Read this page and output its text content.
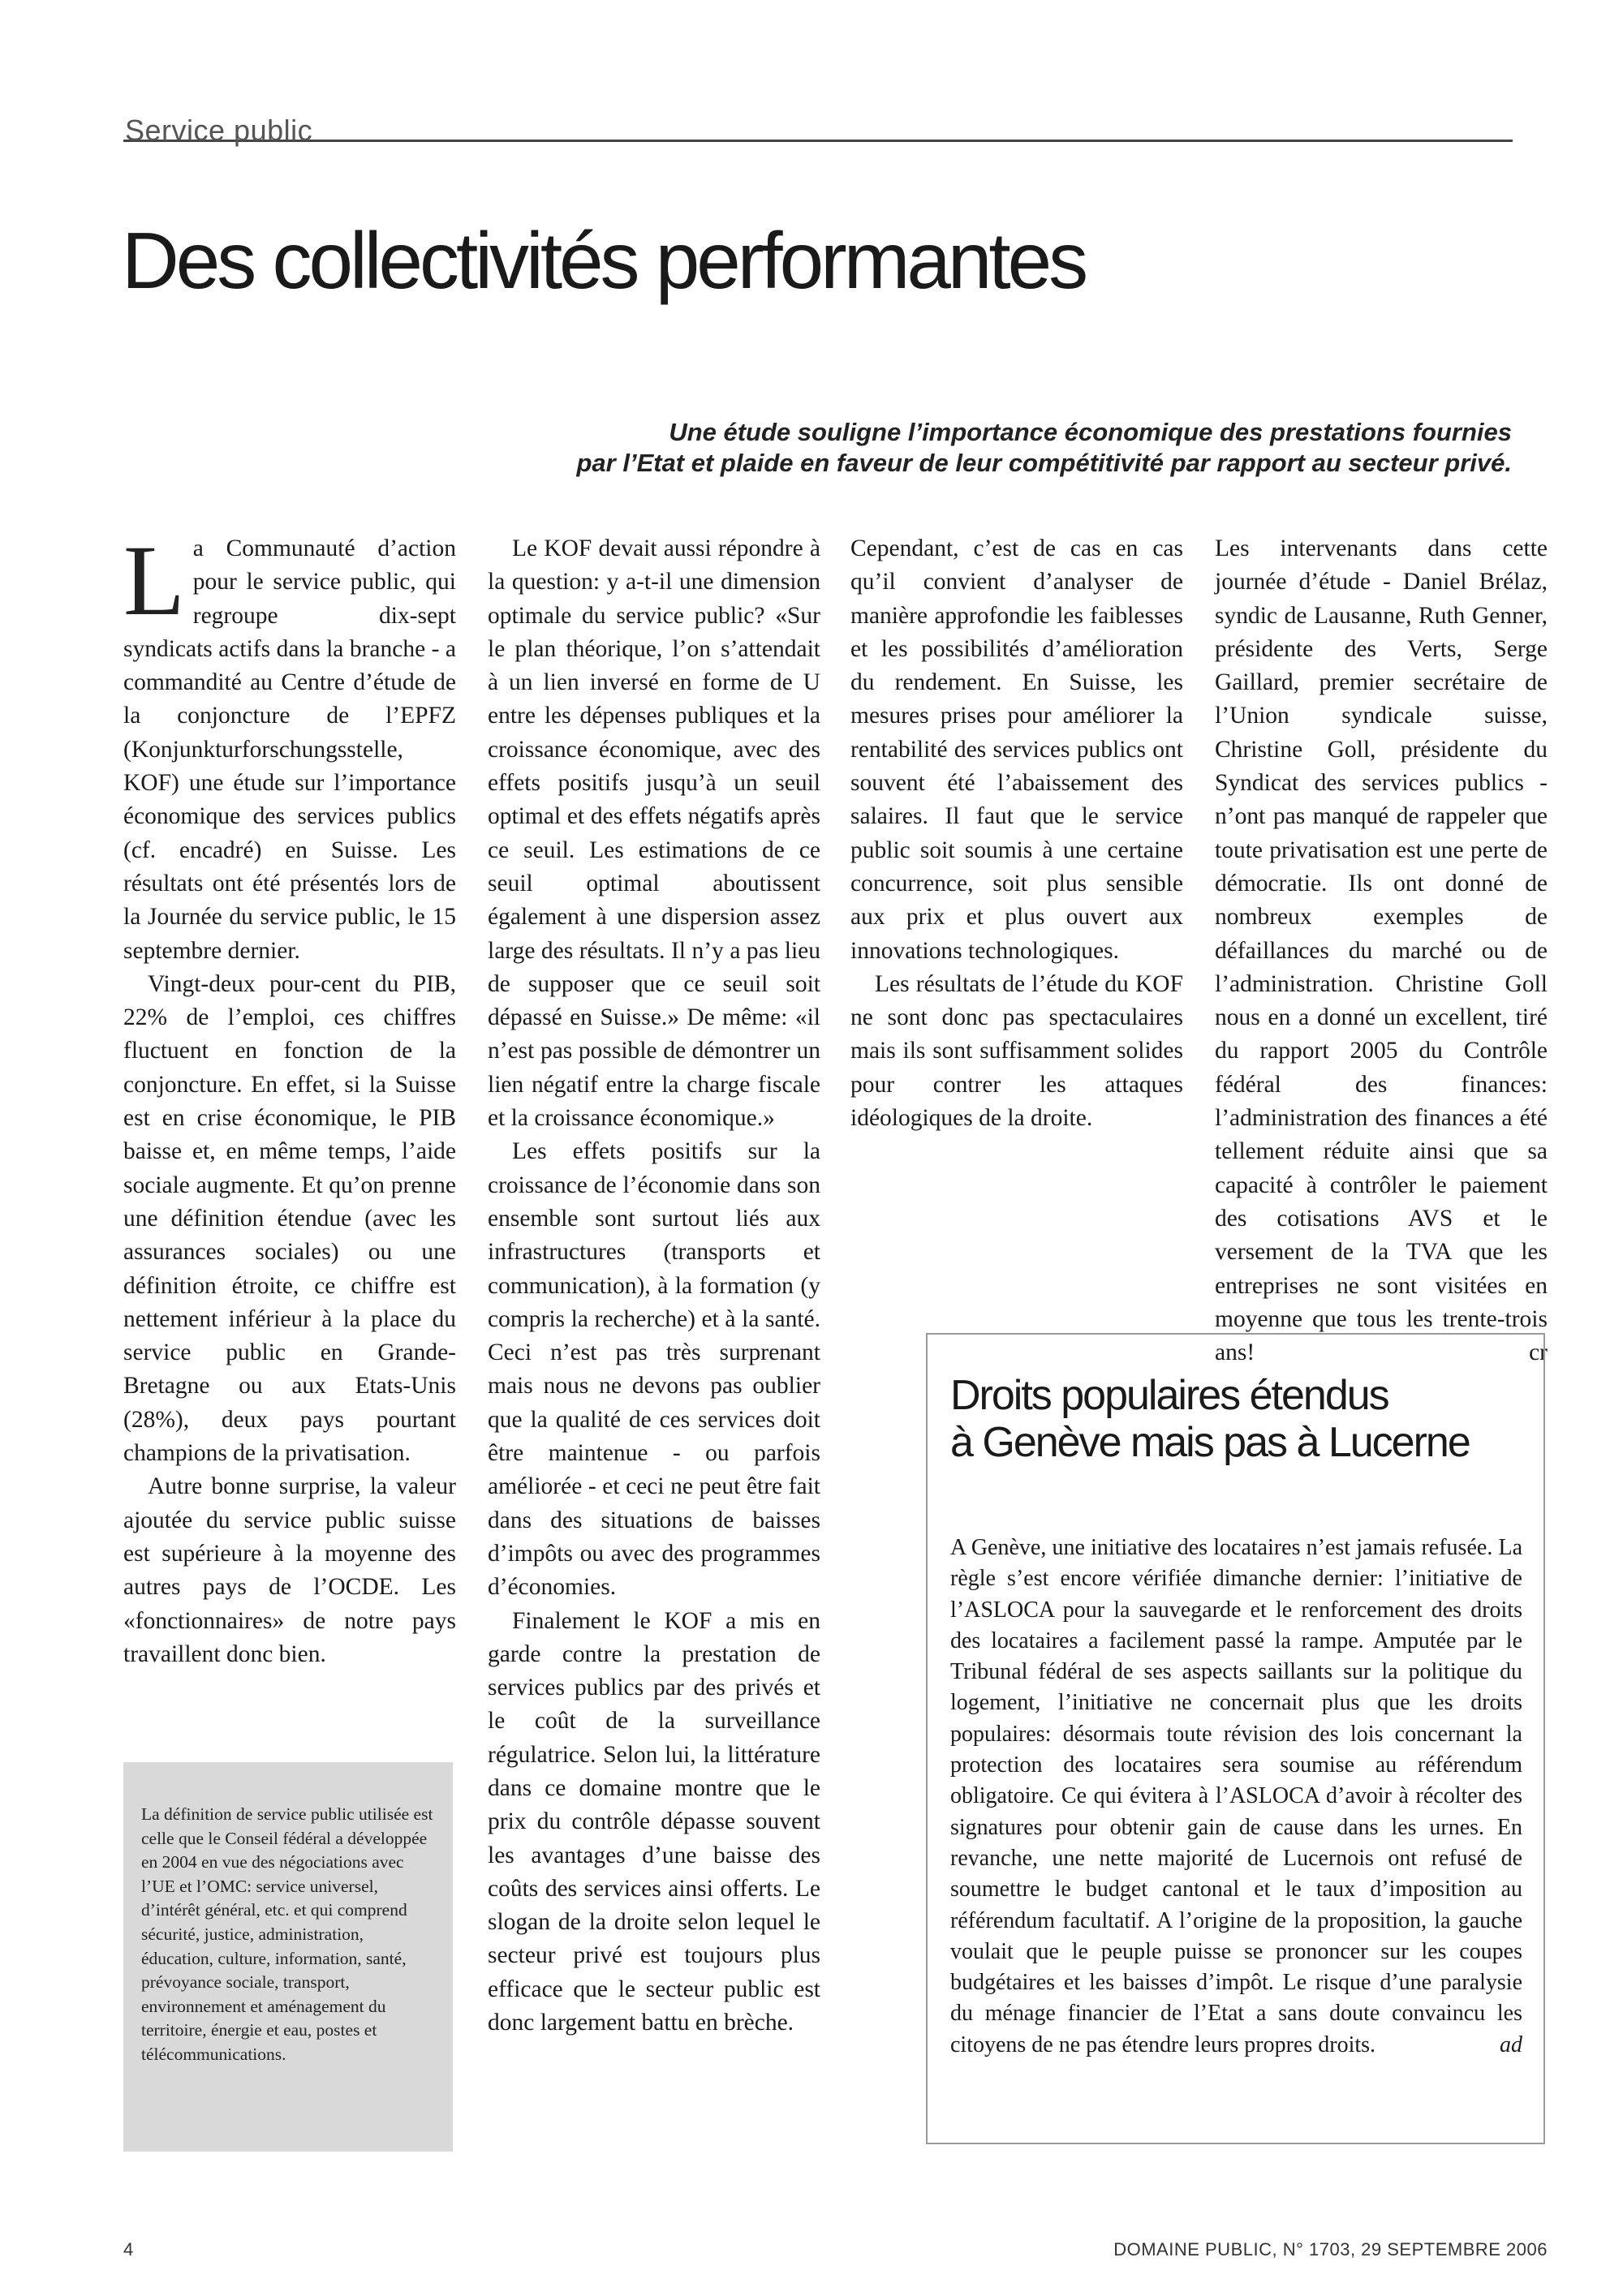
Service public
Des collectivités performantes

Une étude souligne l’importance économique des prestations fournies
par l’Etat et plaide en faveur de leur compétitivité par rapport au secteur privé.

La Communauté d’action pour le service public, qui regroupe dix-sept syndicats actifs dans la branche - a commandité au Centre d’étude de la conjoncture de l’EPFZ (Konjunkturforschungsstelle, KOF) une étude sur l’importance économique des services publics (cf. encadré) en Suisse. Les résultats ont été présentés lors de la Journée du service public, le 15 septembre dernier.

Vingt-deux pour-cent du PIB, 22% de l’emploi, ces chiffres fluctuent en fonction de la conjoncture. En effet, si la Suisse est en crise économique, le PIB baisse et, en même temps, l’aide sociale augmente. Et qu’on prenne une définition étendue (avec les assurances sociales) ou une définition étroite, ce chiffre est nettement inférieur à la place du service public en Grande-Bretagne ou aux Etats-Unis (28%), deux pays pourtant champions de la privatisation.

Autre bonne surprise, la valeur ajoutée du service public suisse est supérieure à la moyenne des autres pays de l’OCDE. Les «fonctionnaires» de notre pays travaillent donc bien.

Le KOF devait aussi répondre à la question: y a-t-il une dimension optimale du service public? «Sur le plan théorique, l’on s’attendait à un lien inversé en forme de U entre les dépenses publiques et la croissance économique, avec des effets positifs jusqu’à un seuil optimal et des effets négatifs après ce seuil. Les estimations de ce seuil optimal aboutissent également à une dispersion assez large des résultats. Il n’y a pas lieu de supposer que ce seuil soit dépassé en Suisse.» De même: «il n’est pas possible de démontrer un lien négatif entre la charge fiscale et la croissance économique.»

Les effets positifs sur la croissance de l’économie dans son ensemble sont surtout liés aux infrastructures (transports et communication), à la formation (y compris la recherche) et à la santé. Ceci n’est pas très surprenant mais nous ne devons pas oublier que la qualité de ces services doit être maintenue - ou parfois améliorée - et ceci ne peut être fait dans des situations de baisses d’impôts ou avec des programmes d’économies.

Finalement le KOF a mis en garde contre la prestation de services publics par des privés et le coût de la surveillance régulatrice. Selon lui, la littérature dans ce domaine montre que le prix du contrôle dépasse souvent les avantages d’une baisse des coûts des services ainsi offerts. Le slogan de la droite selon lequel le secteur privé est toujours plus efficace que le secteur public est donc largement battu en brèche.

Cependant, c’est de cas en cas qu’il convient d’analyser de manière approfondie les faiblesses et les possibilités d’amélioration du rendement. En Suisse, les mesures prises pour améliorer la rentabilité des services publics ont souvent été l’abaissement des salaires. Il faut que le service public soit soumis à une certaine concurrence, soit plus sensible aux prix et plus ouvert aux innovations technologiques.

Les résultats de l’étude du KOF ne sont donc pas spectaculaires mais ils sont suffisamment solides pour contrer les attaques idéologiques de la droite.

Les intervenants dans cette journée d’étude - Daniel Brélaz, syndic de Lausanne, Ruth Genner, présidente des Verts, Serge Gaillard, premier secrétaire de l’Union syndicale suisse, Christine Goll, présidente du Syndicat des services publics - n’ont pas manqué de rappeler que toute privatisation est une perte de démocratie. Ils ont donné de nombreux exemples de défaillances du marché ou de l’administration. Christine Goll nous en a donné un excellent, tiré du rapport 2005 du Contrôle fédéral des finances: l’administration des finances a été tellement réduite ainsi que sa capacité à contrôler le paiement des cotisations AVS et le versement de la TVA que les entreprises ne sont visitées en moyenne que tous les trente-trois ans!	cr

La définition de service public utilisée est celle que le Conseil fédéral a développée en 2004 en vue des négociations avec l’UE et l’OMC: service universel, d’intérêt général, etc. et qui comprend sécurité, justice, administration, éducation, culture, information, santé, prévoyance sociale, transport, environnement et aménagement du territoire, énergie et eau, postes et télécommunications.

Droits populaires étendus
à Genève mais pas à Lucerne

A Genève, une initiative des locataires n’est jamais refusée. La règle s’est encore vérifiée dimanche dernier: l’initiative de l’ASLOCA pour la sauvegarde et le renforcement des droits des locataires a facilement passé la rampe. Amputée par le Tribunal fédéral de ses aspects saillants sur la politique du logement, l’initiative ne concernait plus que les droits populaires: désormais toute révision des lois concernant la protection des locataires sera soumise au référendum obligatoire. Ce qui évitera à l’ASLOCA d’avoir à récolter des signatures pour obtenir gain de cause dans les urnes. En revanche, une nette majorité de Lucernois ont refusé de soumettre le budget cantonal et le taux d’imposition au référendum facultatif. A l’origine de la proposition, la gauche voulait que le peuple puisse se prononcer sur les coupes budgétaires et les baisses d’impôt. Le risque d’une paralysie du ménage financier de l’Etat a sans doute convaincu les citoyens de ne pas étendre leurs propres droits.	ad

4	DOMAINE PUBLIC, N° 1703, 29 SEPTEMBRE 2006
